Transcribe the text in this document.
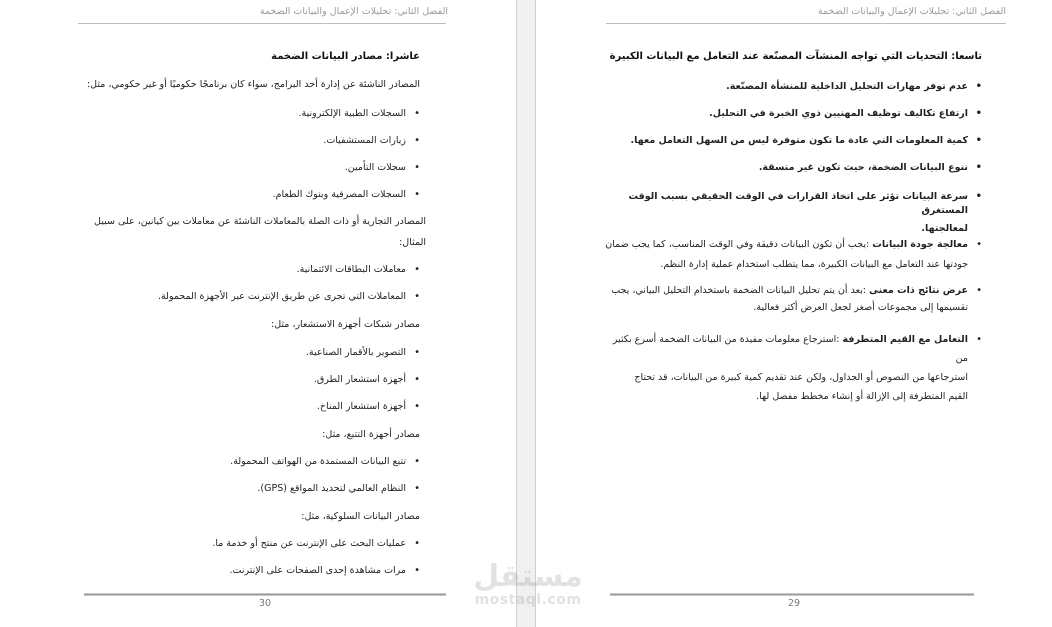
الفصل الثاني: تحليلات الإعمال والبيانات الضخمة

عاشرا: مصادر البيانات الضخمة

المصادر الناشئة عن إدارة أحد البرامج، سواء كان برنامجًا حكوميًا أو غير حكومي، مثل:

• السجلات الطبية الإلكترونية.
• زيارات المستشفيات.
• سجلات التأمين.
• السجلات المصرفية وبنوك الطعام.

المصادر التجارية أو ذات الصلة بالمعاملات الناشئة عن معاملات بين كيانين، على سبيل

المثال:

• معاملات البطاقات الائتمانية.
• المعاملات التي تجرى عن طريق الإنترنت عبر الأجهزة المحمولة.

مصادر شبكات أجهزة الاستشعار، مثل:

• التصوير بالأقمار الصناعية.
• أجهزة استشعار الطرق.
• أجهزة استشعار المناخ.

مصادر أجهزة التتبع، مثل:

• تتبع البيانات المستمدة من الهواتف المحمولة.
• النظام العالمي لتحديد المواقع (GPS).

مصادر البيانات السلوكية، مثل:

• عمليات البحث على الإنترنت عن منتج أو خدمة ما.
• مرات مشاهدة إحدى الصفحات على الإنترنت.
30
الفصل الثاني: تحليلات الإعمال والبيانات الضخمة

تاسعا: التحديات التي تواجه المنشآت المصنّعة عند التعامل مع البيانات الكبيرة

• عدم توفر مهارات التحليل الداخلية للمنشأة المصنّعة.
• ارتفاع تكاليف توظيف المهنيين ذوي الخبرة في التحليل.
• كمية المعلومات التي عادة ما تكون متوفرة ليس من السهل التعامل معها.
• تنوع البيانات الضخمة، حيث تكون غير متسقة.
• سرعة البيانات تؤثر على اتخاذ القرارات في الوقت الحقيقي بسبب الوقت المستغرق
لمعالجتها.
• معالجة جودة البيانات :يجب أن تكون البيانات دقيقة وفي الوقت المناسب، كما يجب ضمان
جودتها عند التعامل مع البيانات الكبيرة، مما يتطلب استخدام عملية إدارة النظم.
• عرض نتائج ذات معنى :بعد أن يتم تحليل البيانات الضخمة باستخدام التحليل البياني، يجب
تقسيمها إلى مجموعات أصغر لجعل العرض أكثر فعالية.
• التعامل مع القيم المتطرفة :استرجاع معلومات مفيدة من البيانات الضخمة أسرع بكثير من
استرجاعها من النصوص أو الجداول، ولكن عند تقديم كمية كبيرة من البيانات، قد تحتاج
القيم المتطرفة إلى الإزالة أو إنشاء مخطط مفصل لها.
29
مستقل
mostaql.com
